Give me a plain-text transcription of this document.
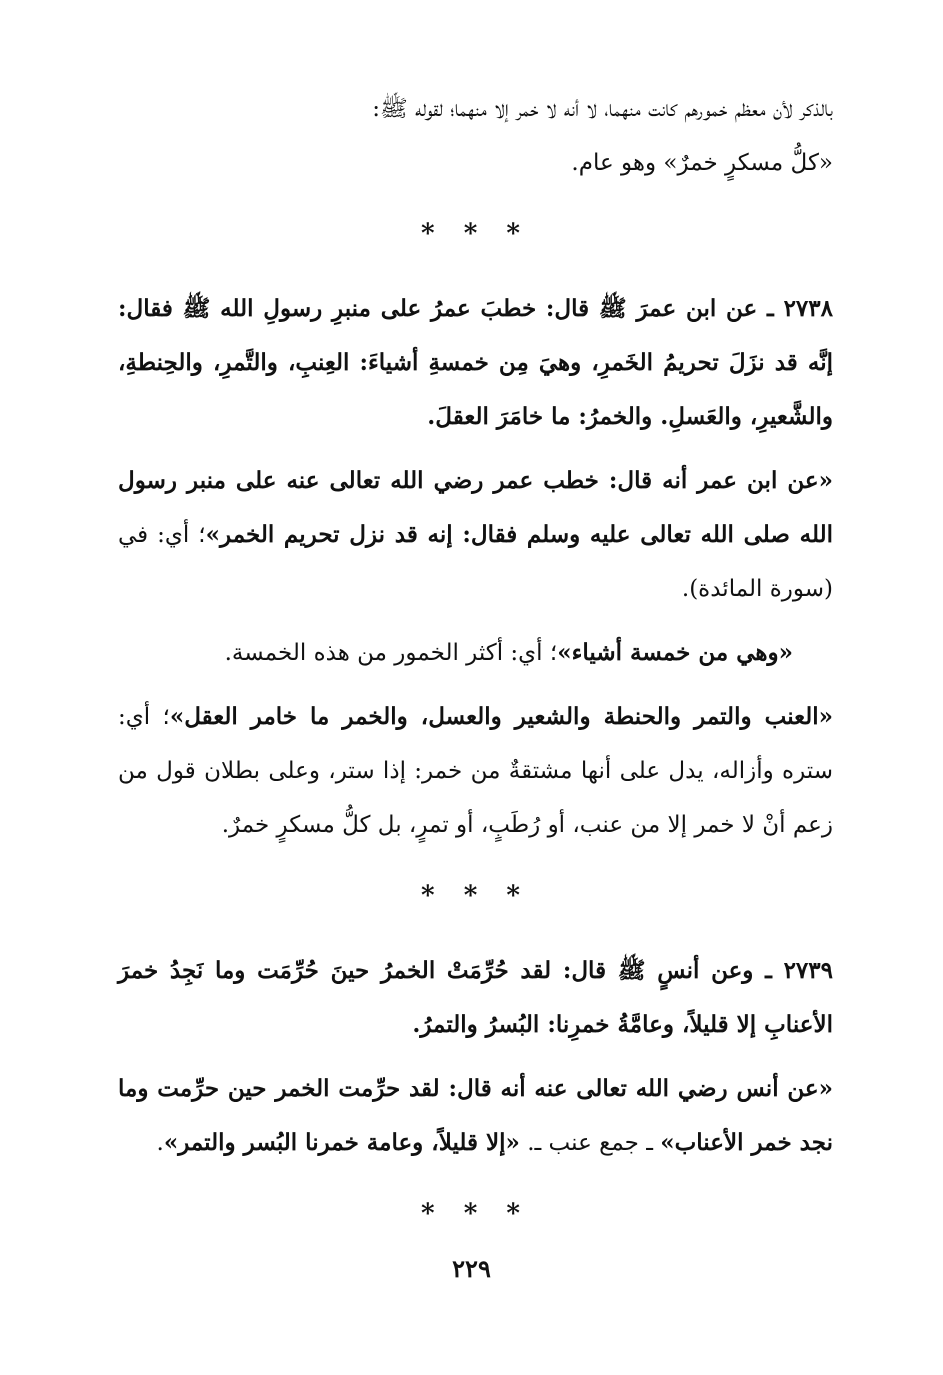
بالذكر لأن معظم خمورهم كانت منهما، لا أنه لا خمر إلا منهما؛ لقوله ﷺ:
«كلُّ مسكرٍ خمرٌ» وهو عام.

* * *

٢٧٣٨ ـ عن ابن عمرَ ﷺ قال: خطبَ عمرُ على منبرِ رسولِ الله ﷺ فقال: إنَّه قد نزَلَ تحريمُ الخَمرِ، وهيَ مِن خمسةِ أشياءَ: العِنبِ، والتَّمرِ، والحِنطةِ، والشَّعيرِ، والعَسلِ. والخمرُ: ما خامَرَ العقلَ.

«عن ابن عمر أنه قال: خطب عمر رضي الله تعالى عنه على منبر رسول الله صلى الله تعالى عليه وسلم فقال: إنه قد نزل تحريم الخمر»؛ أي: في (سورة المائدة).

«وهي من خمسة أشياء»؛ أي: أكثر الخمور من هذه الخمسة.

«العنب والتمر والحنطة والشعير والعسل، والخمر ما خامر العقل»؛ أي: ستره وأزاله، يدل على أنها مشتقةٌ من خمر: إذا ستر، وعلى بطلان قول من زعم أنْ لا خمر إلا من عنب، أو رُطَبٍ، أو تمرٍ، بل كلُّ مسكرٍ خمرٌ.

* * *

٢٧٣٩ ـ وعن أنسٍ ﷺ قال: لقد حُرِّمَتْ الخمرُ حينَ حُرِّمَت وما نَجِدُ خمرَ الأعنابِ إلا قليلاً، وعامَّةُ خمرِنا: البُسرُ والتمرُ.

«عن أنس رضي الله تعالى عنه أنه قال: لقد حرِّمت الخمر حين حرِّمت وما نجد خمر الأعناب» ـ جمع عنب ـ. «إلا قليلاً، وعامة خمرنا البُسر والتمر».

* * *
٢٢٩
